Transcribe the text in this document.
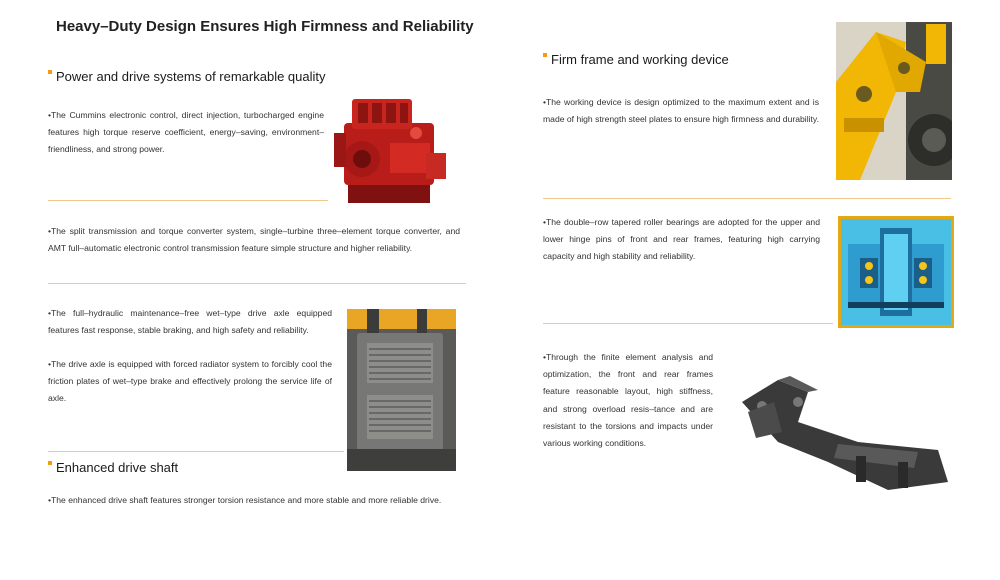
Heavy–Duty Design Ensures High Firmness and Reliability
Power and drive systems of remarkable quality
•The Cummins electronic control, direct injection, turbocharged engine features high torque reserve coefficient, energy–saving, environment–friendliness, and strong power.
•The split transmission and torque converter system, single–turbine three–element torque converter, and AMT full–automatic electronic control transmission feature simple structure and higher reliability.
•The full–hydraulic maintenance–free wet–type drive axle equipped features fast response, stable braking, and high safety and reliability.
•The drive axle is equipped with forced radiator system to forcibly cool the friction plates of wet–type brake and effectively prolong the service life of axle.
Enhanced drive shaft
•The enhanced drive shaft features stronger torsion resistance and more stable and more reliable drive.
Firm frame and working device
•The working device is design optimized to the maximum extent and is made of high strength steel plates to ensure high firmness and durability.
•The double–row tapered roller bearings are adopted for the upper and lower hinge pins of front and rear frames, featuring high carrying capacity and high stability and reliability.
•Through the finite element analysis and optimization, the front and rear frames feature reasonable layout, high stiffness, and strong overload resis–tance and are resistant to the torsions and impacts under various working conditions.
